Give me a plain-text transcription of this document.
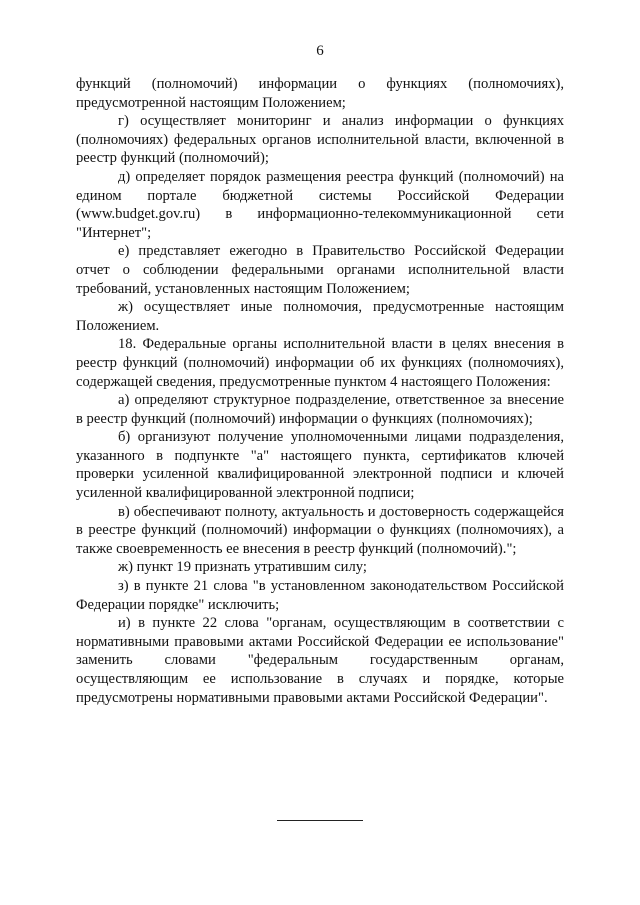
6

функций (полномочий) информации о функциях (полномочиях), предусмотренной настоящим Положением;

г) осуществляет мониторинг и анализ информации о функциях (полномочиях) федеральных органов исполнительной власти, включенной в реестр функций (полномочий);

д) определяет порядок размещения реестра функций (полномочий) на едином портале бюджетной системы Российской Федерации (www.budget.gov.ru) в информационно-телекоммуникационной сети "Интернет";

е) представляет ежегодно в Правительство Российской Федерации отчет о соблюдении федеральными органами исполнительной власти требований, установленных настоящим Положением;

ж) осуществляет иные полномочия, предусмотренные настоящим Положением.

18. Федеральные органы исполнительной власти в целях внесения в реестр функций (полномочий) информации об их функциях (полномочиях), содержащей сведения, предусмотренные пунктом 4 настоящего Положения:

а) определяют структурное подразделение, ответственное за внесение в реестр функций (полномочий) информации о функциях (полномочиях);

б) организуют получение уполномоченными лицами подразделения, указанного в подпункте "а" настоящего пункта, сертификатов ключей проверки усиленной квалифицированной электронной подписи и ключей усиленной квалифицированной электронной подписи;

в) обеспечивают полноту, актуальность и достоверность содержащейся в реестре функций (полномочий) информации о функциях (полномочиях), а также своевременность ее внесения в реестр функций (полномочий).";

ж) пункт 19 признать утратившим силу;

з) в пункте 21 слова "в установленном законодательством Российской Федерации порядке" исключить;

и) в пункте 22 слова "органам, осуществляющим в соответствии с нормативными правовыми актами Российской Федерации ее использование" заменить словами "федеральным государственным органам, осуществляющим ее использование в случаях и порядке, которые предусмотрены нормативными правовыми актами Российской Федерации".
